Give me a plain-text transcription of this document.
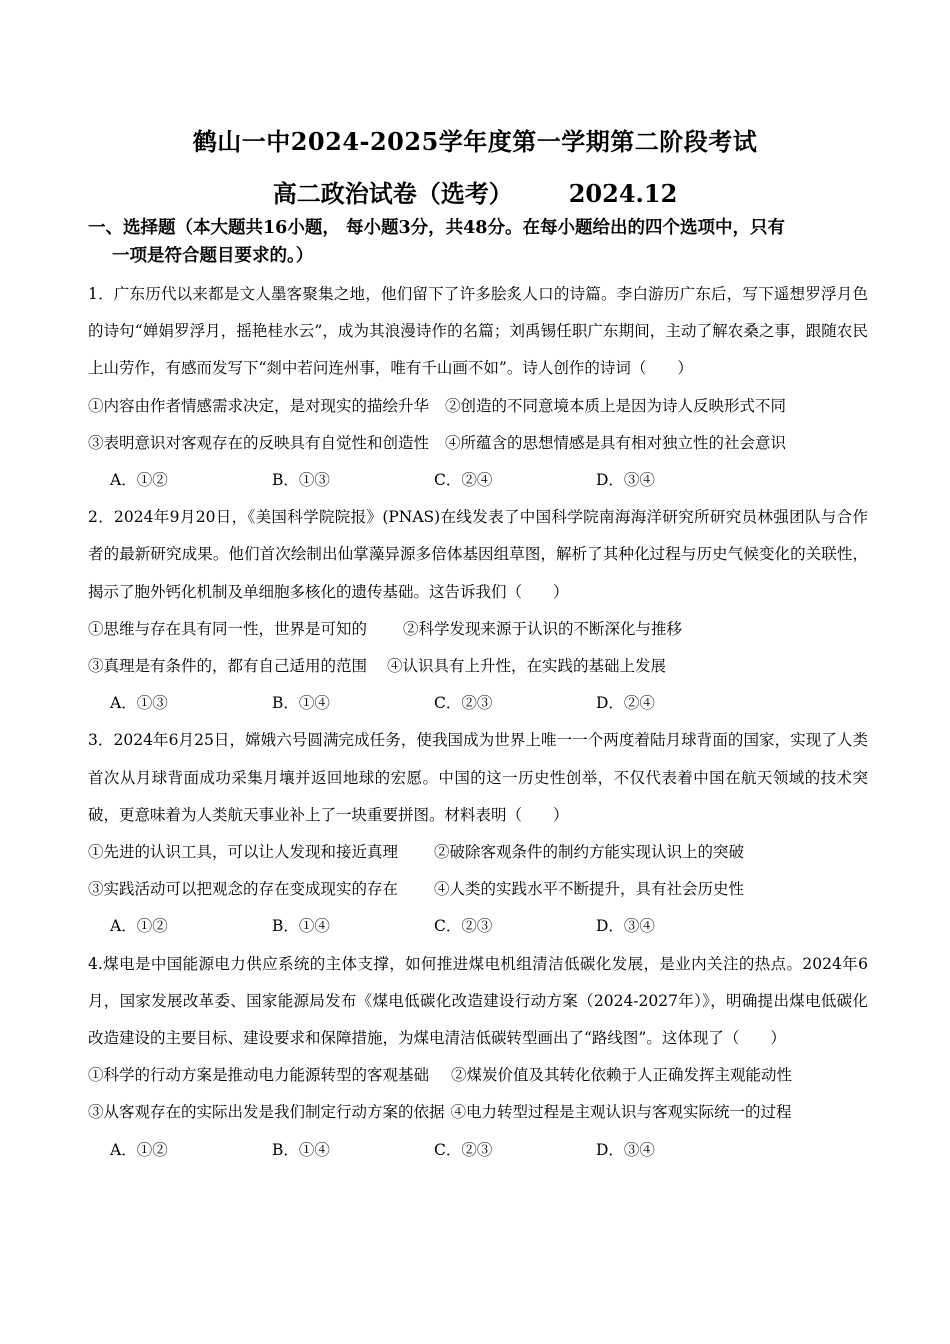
鹤山一中2024-2025学年度第一学期第二阶段考试
高二政治试卷（选考） 2024.12
一、选择题（本大题共16小题， 每小题3分，共48分。在每小题给出的四个选项中，只有
一项是符合题目要求的。）
1．广东历代以来都是文人墨客聚集之地，他们留下了许多脍炙人口的诗篇。李白游历广东后，写下遥想罗浮月色的诗句“婵娟罗浮月，摇艳桂水云”，成为其浪漫诗作的名篇；刘禹锡任职广东期间，主动了解农桑之事，跟随农民上山劳作，有感而发写下“剡中若问连州事，唯有千山画不如”。诗人创作的诗词（　　）
①内容由作者情感需求决定，是对现实的描绘升华 ②创造的不同意境本质上是因为诗人反映形式不同
③表明意识对客观存在的反映具有自觉性和创造性 ④所蕴含的思想情感是具有相对独立性的社会意识
A．①②	B．①③	C．②④	D．③④
2．2024年9月20日，《美国科学院院报》(PNAS)在线发表了中国科学院南海海洋研究所研究员林强团队与合作者的最新研究成果。他们首次绘制出仙掌藻异源多倍体基因组草图，解析了其种化过程与历史气候变化的关联性，揭示了胞外钙化机制及单细胞多核化的遗传基础。这告诉我们（　　）
①思维与存在具有同一性，世界是可知的 ②科学发现来源于认识的不断深化与推移
③真理是有条件的，都有自己适用的范围 ④认识具有上升性，在实践的基础上发展
A．①③	B．①④	C．②③	D．②④
3．2024年6月25日，嫦娥六号圆满完成任务，使我国成为世界上唯一一个两度着陆月球背面的国家，实现了人类首次从月球背面成功采集月壤并返回地球的宏愿。中国的这一历史性创举，不仅代表着中国在航天领域的技术突破，更意味着为人类航天事业补上了一块重要拼图。材料表明（　　）
①先进的认识工具，可以让人发现和接近真理 ②破除客观条件的制约方能实现认识上的突破
③实践活动可以把观念的存在变成现实的存在 ④人类的实践水平不断提升，具有社会历史性
A．①②	B．①④	C．②③	D．③④
4.煤电是中国能源电力供应系统的主体支撑，如何推进煤电机组清洁低碳化发展，是业内关注的热点。2024年6月，国家发展改革委、国家能源局发布《煤电低碳化改造建设行动方案（2024-2027年）》，明确提出煤电低碳化改造建设的主要目标、建设要求和保障措施，为煤电清洁低碳转型画出了“路线图”。这体现了（　　）
①科学的行动方案是推动电力能源转型的客观基础 ②煤炭价值及其转化依赖于人正确发挥主观能动性
③从客观存在的实际出发是我们制定行动方案的依据 ④电力转型过程是主观认识与客观实际统一的过程
A．①②	B．①④	C．②③	D．③④
